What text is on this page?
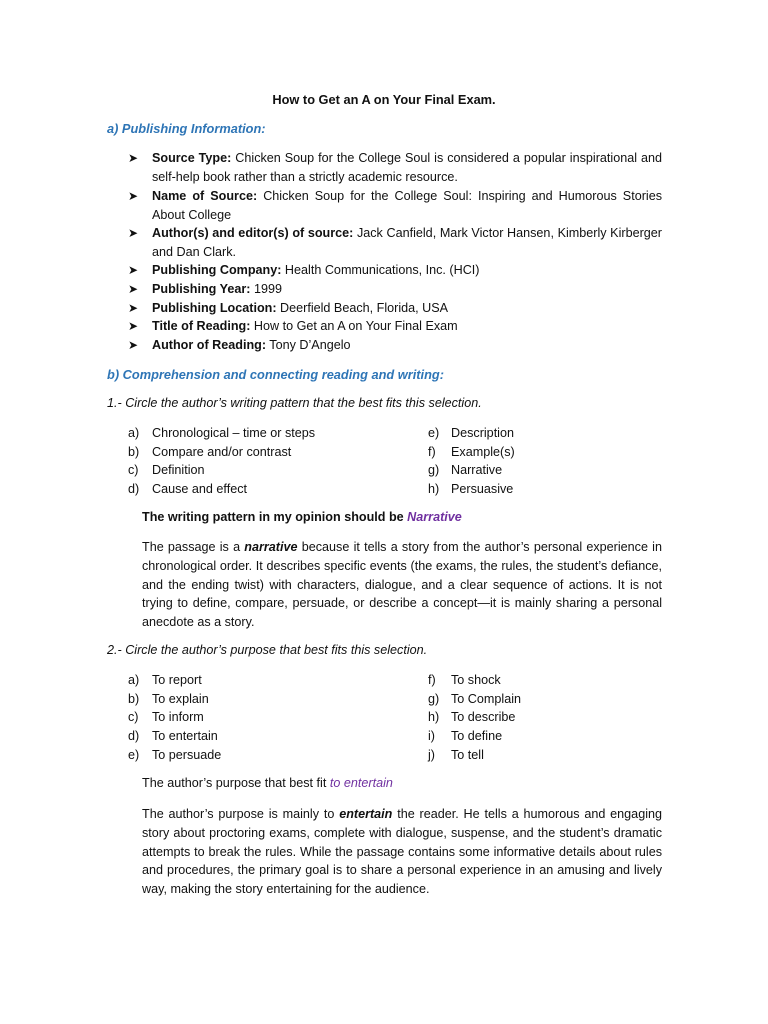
How to Get an A on Your Final Exam.
a) Publishing Information:
➤ Source Type: Chicken Soup for the College Soul is considered a popular inspirational and self-help book rather than a strictly academic resource.
➤ Name of Source: Chicken Soup for the College Soul: Inspiring and Humorous Stories About College
➤ Author(s) and editor(s) of source: Jack Canfield, Mark Victor Hansen, Kimberly Kirberger and Dan Clark.
➤ Publishing Company: Health Communications, Inc. (HCI)
➤ Publishing Year: 1999
➤ Publishing Location: Deerfield Beach, Florida, USA
➤ Title of Reading: How to Get an A on Your Final Exam
➤ Author of Reading: Tony D’Angelo
b) Comprehension and connecting reading and writing:
1.- Circle the author’s writing pattern that the best fits this selection.
a) Chronological – time or steps
b) Compare and/or contrast
c) Definition
d) Cause and effect
e) Description
f) Example(s)
g) Narrative
h) Persuasive
The writing pattern in my opinion should be Narrative
The passage is a narrative because it tells a story from the author’s personal experience in chronological order. It describes specific events (the exams, the rules, the student’s defiance, and the ending twist) with characters, dialogue, and a clear sequence of actions. It is not trying to define, compare, persuade, or describe a concept—it is mainly sharing a personal anecdote as a story.
2.- Circle the author’s purpose that best fits this selection.
a) To report
b) To explain
c) To inform
d) To entertain
e) To persuade
f) To shock
g) To Complain
h) To describe
i) To define
j) To tell
The author’s purpose that best fit to entertain
The author’s purpose is mainly to entertain the reader. He tells a humorous and engaging story about proctoring exams, complete with dialogue, suspense, and the student’s dramatic attempts to break the rules. While the passage contains some informative details about rules and procedures, the primary goal is to share a personal experience in an amusing and lively way, making the story entertaining for the audience.
